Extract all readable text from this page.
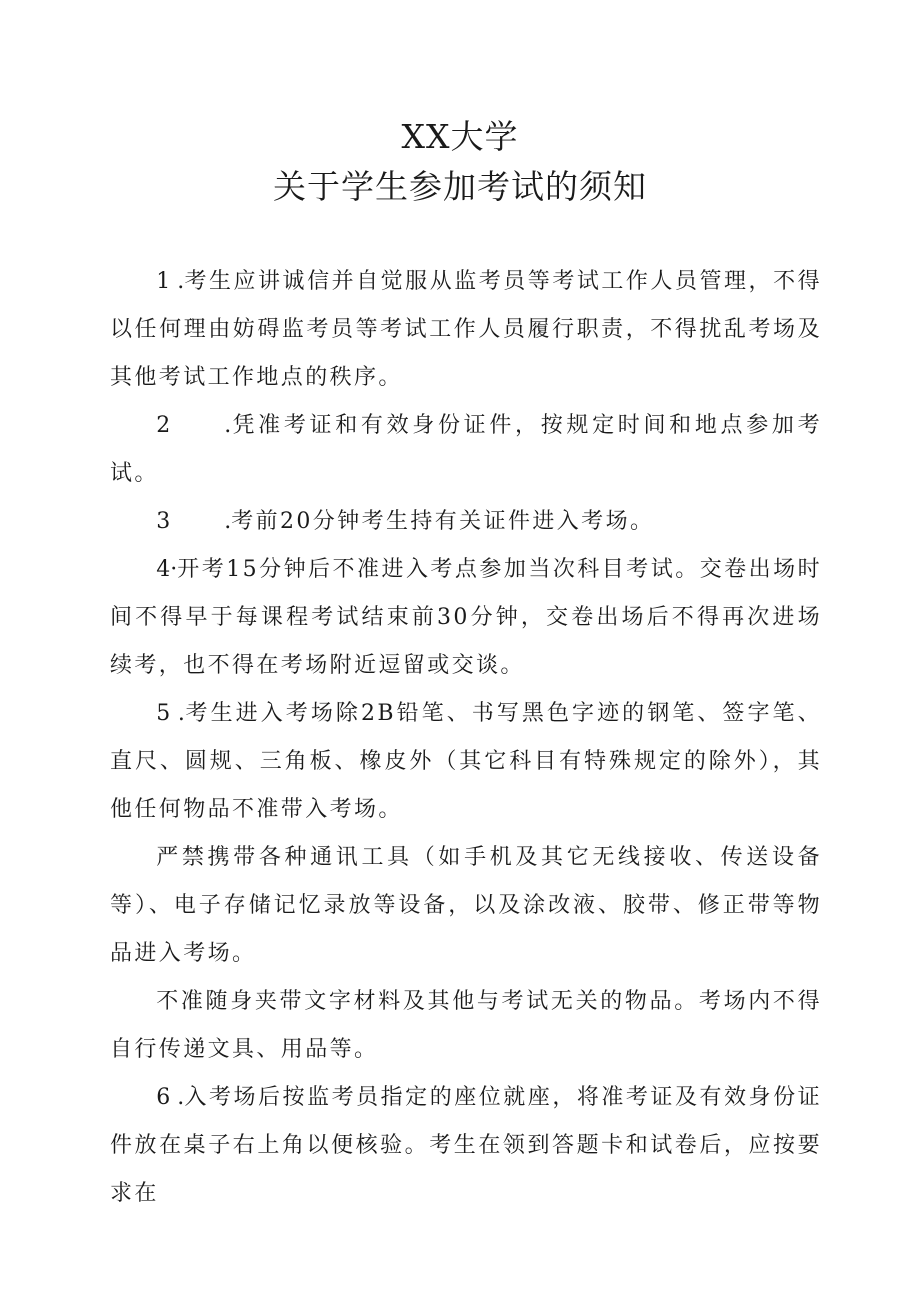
XX大学
关于学生参加考试的须知

1 .考生应讲诚信并自觉服从监考员等考试工作人员管理，不得以任何理由妨碍监考员等考试工作人员履行职责，不得扰乱考场及其他考试工作地点的秩序。

2 .凭准考证和有效身份证件，按规定时间和地点参加考试。

3 .考前20分钟考生持有关证件进入考场。

4·开考15分钟后不准进入考点参加当次科目考试。交卷出场时间不得早于每课程考试结束前30分钟，交卷出场后不得再次进场续考，也不得在考场附近逗留或交谈。

5 .考生进入考场除2B铅笔、书写黑色字迹的钢笔、签字笔、直尺、圆规、三角板、橡皮外（其它科目有特殊规定的除外），其他任何物品不准带入考场。

严禁携带各种通讯工具（如手机及其它无线接收、传送设备等）、电子存储记忆录放等设备，以及涂改液、胶带、修正带等物品进入考场。

不准随身夹带文字材料及其他与考试无关的物品。考场内不得自行传递文具、用品等。

6 .入考场后按监考员指定的座位就座，将准考证及有效身份证件放在桌子右上角以便核验。考生在领到答题卡和试卷后，应按要求在
